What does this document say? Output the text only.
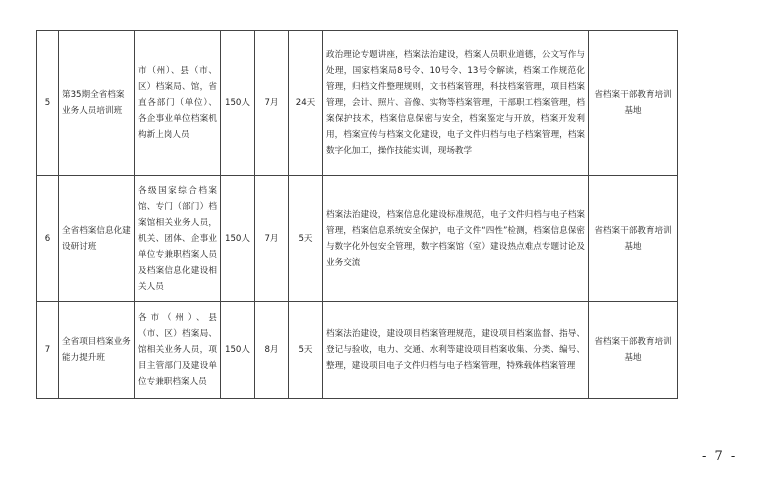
5	第35期全省档案业务人员培训班	市（州）、县（市、区）档案局、馆，省直各部门（单位）、各企事业单位档案机构新上岗人员	150人	7月	24天	政治理论专题讲座，档案法治建设，档案人员职业道德，公文写作与处理，国家档案局8号令、10号令、13号令解读，档案工作规范化管理，归档文件整理规则，文书档案管理，科技档案管理，项目档案管理，会计、照片、音像、实物等档案管理，干部职工档案管理，档案保护技术，档案信息保密与安全，档案鉴定与开放，档案开发利用，档案宣传与档案文化建设，电子文件归档与电子档案管理，档案数字化加工，操作技能实训，现场教学	省档案干部教育培训基地
6	全省档案信息化建设研讨班	各级国家综合档案馆、专门（部门）档案馆相关业务人员，机关、团体、企事业单位专兼职档案人员及档案信息化建设相关人员	150人	7月	5天	档案法治建设，档案信息化建设标准规范，电子文件归档与电子档案管理，档案信息系统安全保护，电子文件“四性”检测，档案信息保密与数字化外包安全管理，数字档案馆（室）建设热点难点专题讨论及业务交流	省档案干部教育培训基地
7	全省项目档案业务能力提升班	各市（州）、县（市、区）档案局、馆相关业务人员，项目主管部门及建设单位专兼职档案人员	150人	8月	5天	档案法治建设，建设项目档案管理规范，建设项目档案监督、指导、登记与验收，电力、交通、水利等建设项目档案收集、分类、编号、整理，建设项目电子文件归档与电子档案管理，特殊载体档案管理	省档案干部教育培训基地
- 7 -
